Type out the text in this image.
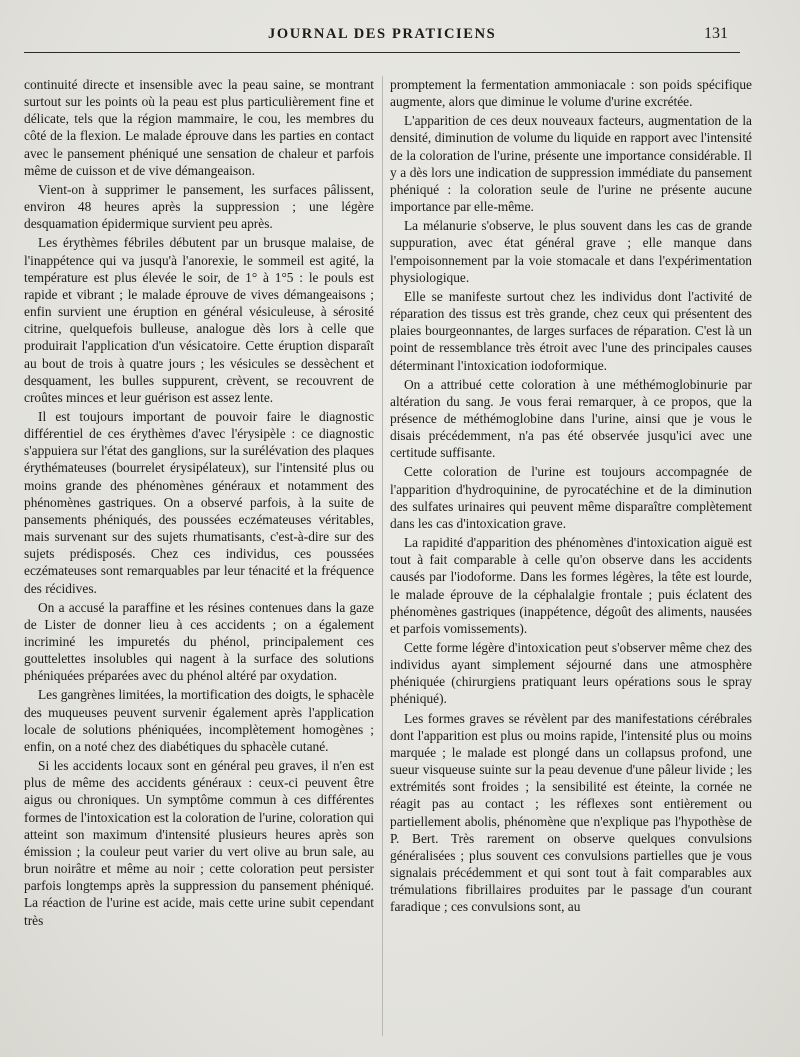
JOURNAL DES PRATICIENS	131

continuité directe et insensible avec la peau saine, se montrant surtout sur les points où la peau est plus particulièrement fine et délicate, tels que la région mammaire, le cou, les membres du côté de la flexion. Le malade éprouve dans les parties en contact avec le pansement phéniqué une sensation de chaleur et parfois même de cuisson et de vive démangeaison.

Vient-on à supprimer le pansement, les surfaces pâlissent, environ 48 heures après la suppression ; une légère desquamation épidermique survient peu après.

Les érythèmes fébriles débutent par un brusque malaise, de l'inappétence qui va jusqu'à l'anorexie, le sommeil est agité, la température est plus élevée le soir, de 1° à 1°5 : le pouls est rapide et vibrant ; le malade éprouve de vives démangeaisons ; enfin survient une éruption en général vésiculeuse, à sérosité citrine, quelquefois bulleuse, analogue dès lors à celle que produirait l'application d'un vésicatoire. Cette éruption disparaît au bout de trois à quatre jours ; les vésicules se dessèchent et desquament, les bulles suppurent, crèvent, se recouvrent de croûtes minces et leur guérison est assez lente.

Il est toujours important de pouvoir faire le diagnostic différentiel de ces érythèmes d'avec l'érysipèle : ce diagnostic s'appuiera sur l'état des ganglions, sur la surélévation des plaques érythémateuses (bourrelet érysipélateux), sur l'intensité plus ou moins grande des phénomènes généraux et notamment des phénomènes gastriques. On a observé parfois, à la suite de pansements phéniqués, des poussées eczémateuses véritables, mais survenant sur des sujets rhumatisants, c'est-à-dire sur des sujets prédisposés. Chez ces individus, ces poussées eczémateuses sont remarquables par leur ténacité et la fréquence des récidives.

On a accusé la paraffine et les résines contenues dans la gaze de Lister de donner lieu à ces accidents ; on a également incriminé les impuretés du phénol, principalement ces gouttelettes insolubles qui nagent à la surface des solutions phéniquées préparées avec du phénol altéré par oxydation.

Les gangrènes limitées, la mortification des doigts, le sphacèle des muqueuses peuvent survenir également après l'application locale de solutions phéniquées, incomplètement homogènes ; enfin, on a noté chez des diabétiques du sphacèle cutané.

Si les accidents locaux sont en général peu graves, il n'en est plus de même des accidents généraux : ceux-ci peuvent être aigus ou chroniques. Un symptôme commun à ces différentes formes de l'intoxication est la coloration de l'urine, coloration qui atteint son maximum d'intensité plusieurs heures après son émission ; la couleur peut varier du vert olive au brun sale, au brun noirâtre et même au noir ; cette coloration peut persister parfois longtemps après la suppression du pansement phéniqué. La réaction de l'urine est acide, mais cette urine subit cependant très

promptement la fermentation ammoniacale : son poids spécifique augmente, alors que diminue le volume d'urine excrétée.

L'apparition de ces deux nouveaux facteurs, augmentation de la densité, diminution de volume du liquide en rapport avec l'intensité de la coloration de l'urine, présente une importance considérable. Il y a dès lors une indication de suppression immédiate du pansement phéniqué : la coloration seule de l'urine ne présente aucune importance par elle-même.

La mélanurie s'observe, le plus souvent dans les cas de grande suppuration, avec état général grave ; elle manque dans l'empoisonnement par la voie stomacale et dans l'expérimentation physiologique.

Elle se manifeste surtout chez les individus dont l'activité de réparation des tissus est très grande, chez ceux qui présentent des plaies bourgeonnantes, de larges surfaces de réparation. C'est là un point de ressemblance très étroit avec l'une des principales causes déterminant l'intoxication iodoformique.

On a attribué cette coloration à une méthémoglobinurie par altération du sang. Je vous ferai remarquer, à ce propos, que la présence de méthémoglobine dans l'urine, ainsi que je vous le disais précédemment, n'a pas été observée jusqu'ici avec une certitude suffisante.

Cette coloration de l'urine est toujours accompagnée de l'apparition d'hydroquinine, de pyrocatéchine et de la diminution des sulfates urinaires qui peuvent même disparaître complètement dans les cas d'intoxication grave.

La rapidité d'apparition des phénomènes d'intoxication aiguë est tout à fait comparable à celle qu'on observe dans les accidents causés par l'iodoforme. Dans les formes légères, la tête est lourde, le malade éprouve de la céphalalgie frontale ; puis éclatent des phénomènes gastriques (inappétence, dégoût des aliments, nausées et parfois vomissements).

Cette forme légère d'intoxication peut s'observer même chez des individus ayant simplement séjourné dans une atmosphère phéniquée (chirurgiens pratiquant leurs opérations sous le spray phéniqué).

Les formes graves se révèlent par des manifestations cérébrales dont l'apparition est plus ou moins rapide, l'intensité plus ou moins marquée ; le malade est plongé dans un collapsus profond, une sueur visqueuse suinte sur la peau devenue d'une pâleur livide ; les extrémités sont froides ; la sensibilité est éteinte, la cornée ne réagit pas au contact ; les réflexes sont entièrement ou partiellement abolis, phénomène que n'explique pas l'hypothèse de P. Bert. Très rarement on observe quelques convulsions généralisées ; plus souvent ces convulsions partielles que je vous signalais précédemment et qui sont tout à fait comparables aux trémulations fibrillaires produites par le passage d'un courant faradique ; ces convulsions sont, au
